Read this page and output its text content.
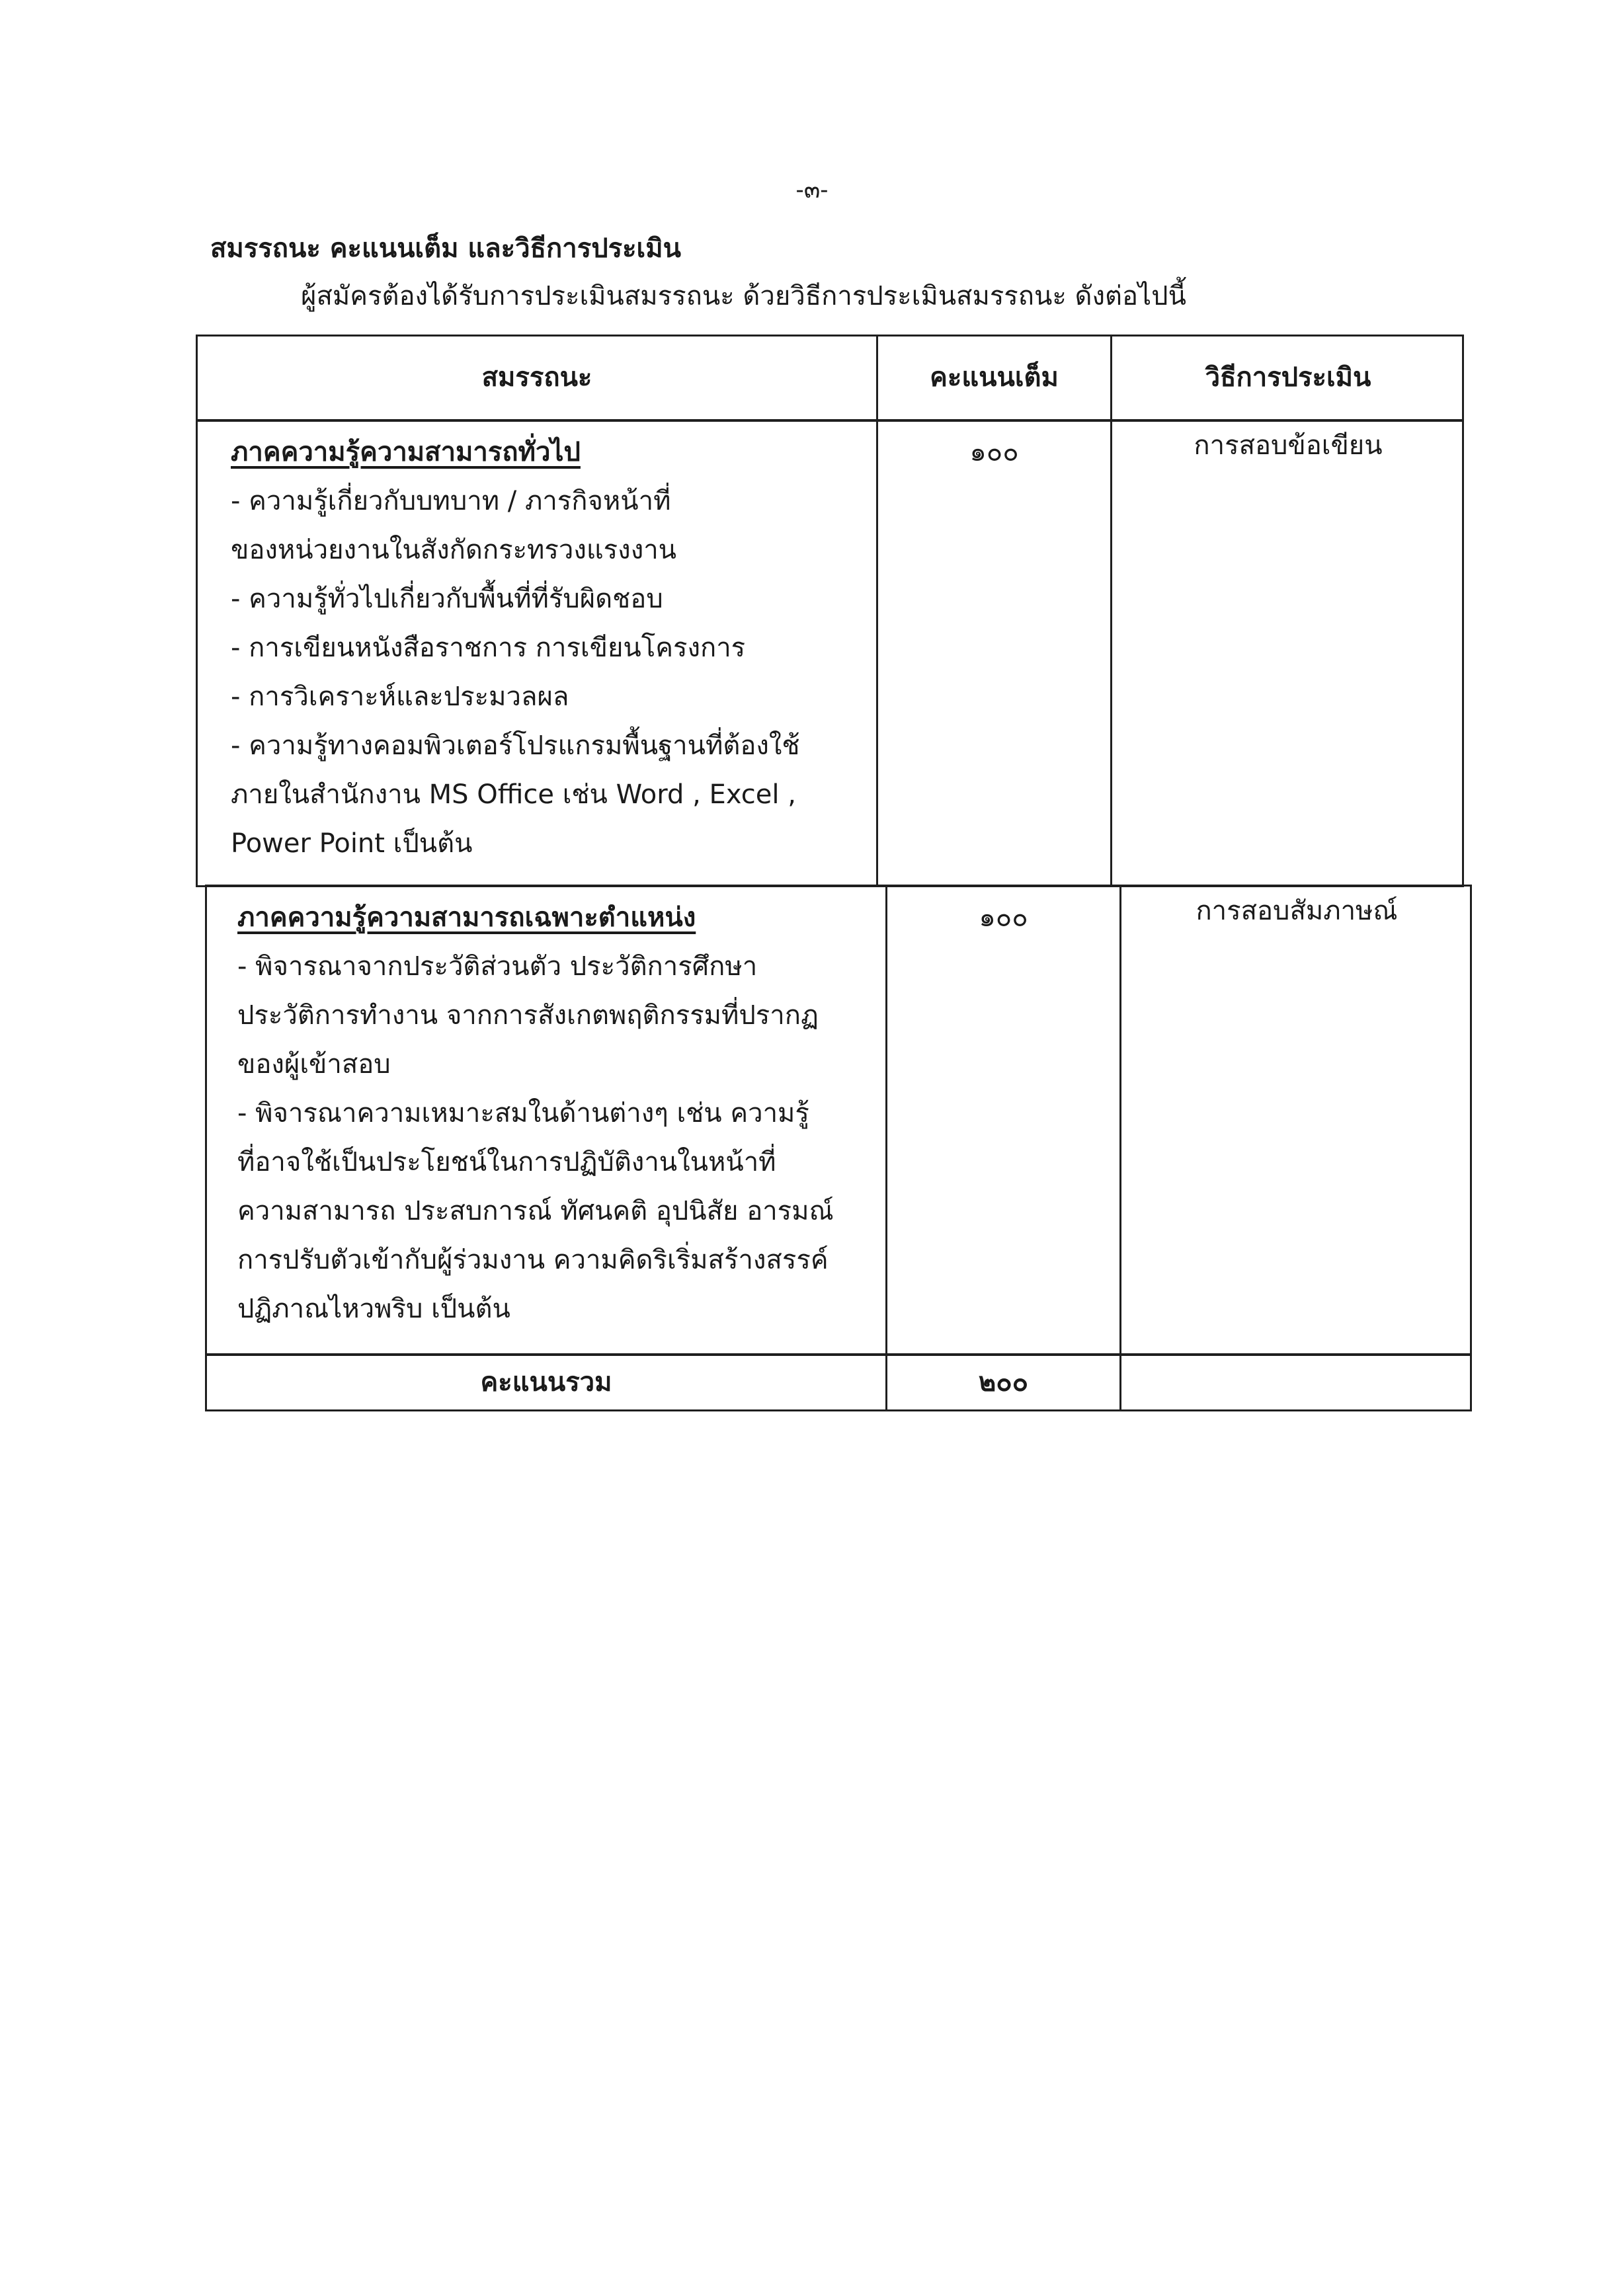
-๓-
สมรรถนะ คะแนนเต็ม และวิธีการประเมิน

ผู้สมัครต้องได้รับการประเมินสมรรถนะ ด้วยวิธีการประเมินสมรรถนะ ดังต่อไปนี้

สมรรถนะ	คะแนนเต็ม	วิธีการประเมิน

ภาคความรู้ความสามารถทั่วไป

- ความรู้เกี่ยวกับบทบาท / ภารกิจหน้าที่

ของหน่วยงานในสังกัดกระทรวงแรงงาน

- ความรู้ทั่วไปเกี่ยวกับพื้นที่ที่รับผิดชอบ

- การเขียนหนังสือราชการ การเขียนโครงการ

- การวิเคราะห์และประมวลผล

- ความรู้ทางคอมพิวเตอร์โปรแกรมพื้นฐานที่ต้องใช้

ภายในสำนักงาน MS Office เช่น Word , Excel ,

Power Point เป็นต้น

๑๐๐	การสอบข้อเขียน

ภาคความรู้ความสามารถเฉพาะตำแหน่ง

- พิจารณาจากประวัติส่วนตัว ประวัติการศึกษา

ประวัติการทำงาน จากการสังเกตพฤติกรรมที่ปรากฏ

ของผู้เข้าสอบ

- พิจารณาความเหมาะสมในด้านต่างๆ เช่น ความรู้

ที่อาจใช้เป็นประโยชน์ในการปฏิบัติงานในหน้าที่

ความสามารถ ประสบการณ์ ทัศนคติ อุปนิสัย อารมณ์

การปรับตัวเข้ากับผู้ร่วมงาน ความคิดริเริ่มสร้างสรรค์

ปฏิภาณไหวพริบ เป็นต้น

๑๐๐	การสอบสัมภาษณ์
คะแนนรวม	๒๐๐
